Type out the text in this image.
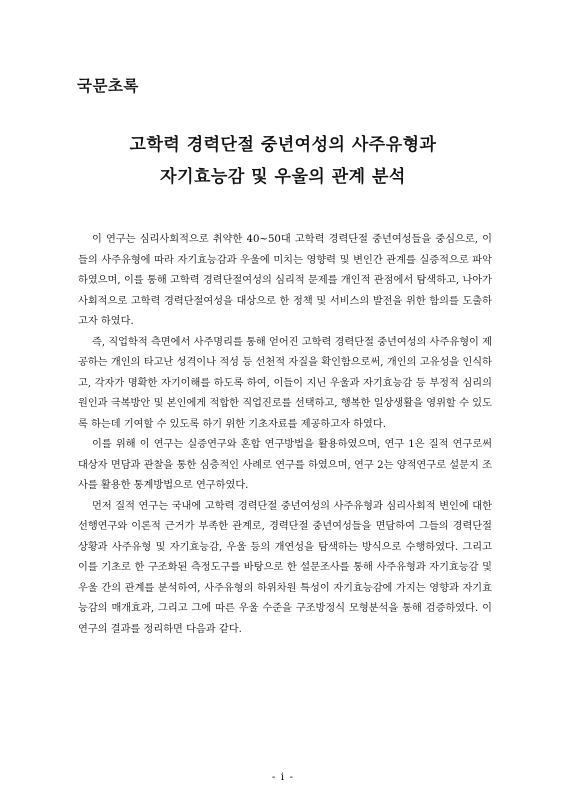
국문초록
고학력 경력단절 중년여성의 사주유형과
자기효능감 및 우울의 관계 분석

이 연구는 심리사회적으로 취약한 40~50대 고학력 경력단절 중년여성들을 중심으로, 이들의 사주유형에 따라 자기효능감과 우울에 미치는 영향력 및 변인간 관계를 실증적으로 파악하였으며, 이를 통해 고학력 경력단절여성의 심리적 문제를 개인적 관점에서 탐색하고, 나아가 사회적으로 고학력 경력단절여성을 대상으로 한 정책 및 서비스의 발전을 위한 함의를 도출하고자 하였다.

즉, 직업학적 측면에서 사주명리를 통해 얻어진 고학력 경력단절 중년여성의 사주유형이 제공하는 개인의 타고난 성격이나 적성 등 선천적 자질을 확인함으로써, 개인의 고유성을 인식하고, 각자가 명확한 자기이해를 하도록 하여, 이들이 지닌 우울과 자기효능감 등 부정적 심리의 원인과 극복방안 및 본인에게 적합한 직업진로를 선택하고, 행복한 일상생활을 영위할 수 있도록 하는데 기여할 수 있도록 하기 위한 기초자료를 제공하고자 하였다.

이를 위해 이 연구는 실증연구와 혼합 연구방법을 활용하였으며, 연구 1은 질적 연구로써 대상자 면담과 관찰을 통한 심층적인 사례로 연구를 하였으며, 연구 2는 양적연구로 설문지 조사를 활용한 통계방법으로 연구하였다.

먼저 질적 연구는 국내에 고학력 경력단절 중년여성의 사주유형과 심리사회적 변인에 대한 선행연구와 이론적 근거가 부족한 관계로, 경력단절 중년여성들을 면담하여 그들의 경력단절 상황과 사주유형 및 자기효능감, 우울 등의 개연성을 탐색하는 방식으로 수행하였다. 그리고 이를 기초로 한 구조화된 측정도구를 바탕으로 한 설문조사를 통해 사주유형과 자기효능감 및 우울 간의 관계를 분석하여, 사주유형의 하위차원 특성이 자기효능감에 가지는 영향과 자기효능감의 매개효과, 그리고 그에 따른 우울 수준을 구조방정식 모형분석을 통해 검증하였다. 이 연구의 결과를 정리하면 다음과 같다.

- i -
